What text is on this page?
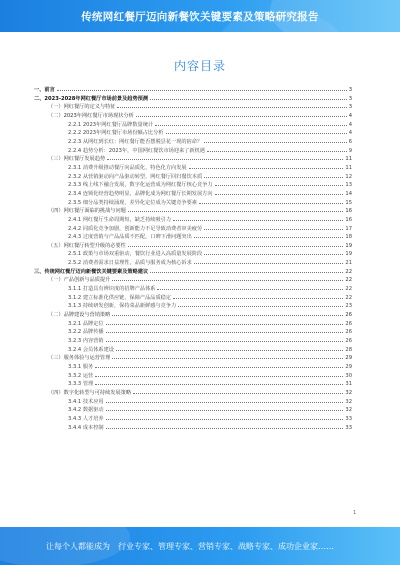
传统网红餐厅迈向新餐饮关键要素及策略研究报告
内容目录
一、前言	3
二、2023-2028年网红餐厅市场前景及趋势预测	3
（一）网红餐厅的定义与特征	3
（二）2023年网红餐厅市场现状分析	4
2.2.1 2023年网红餐厅品牌数量统计	4
2.2.2 2023年网红餐厅市场份额占比分析	4
2.2.3 从网红到长红：网红餐厅能否摆脱昙花一现的宿命？	6
2.2.4 趋势分析：2023年，中国网红餐饮市场迎来了新机遇	9
（三）网红餐厅发展趋势	11
2.3.1 消费升级推动餐厅向品质化、特色化方向发展	11
2.3.2 从营销驱动向产品驱动转型，网红餐厅回归餐饮本质	12
2.3.3 线上线下融合发展，数字化运营成为网红餐厅核心竞争力	13
2.3.4 连锁化经营趋势明显，品牌化成为网红餐厅长期发展方向	14
2.3.5 细分品类持续涌现，差异化定位成为关键竞争要素	15
（四）网红餐厅面临的挑战与问题	16
2.4.1 网红餐厅生命周期短，缺乏持续吸引力	16
2.4.2 同质化竞争加剧，创新能力不足导致消费者审美疲劳	17
2.4.3 过度营销与产品品质不匹配，口碑下滑问题突出	18
（五）网红餐厅转型升级的必要性	19
2.5.1 政策与市场双重驱动，餐饮行业进入高质量发展阶段	19
2.5.2 消费者需求日益理性，品质与服务成为核心诉求	21
三、传统网红餐厅迈向新餐饮关键要素及策略建议	22
（一）产品创新与品质提升	22
3.1.1 打造具有辨识度的招牌产品体系	22
3.1.2 建立标准化供应链，保障产品品质稳定	22
3.1.3 持续研发创新，保持菜品新鲜感与竞争力	23
（二）品牌建设与营销策略	26
3.2.1 品牌定位	26
3.2.2 品牌传播	26
3.2.3 内容营销	26
3.2.4 会员体系建设	28
（三）服务体验与运营管理	29
3.3.1 服务	29
3.3.2 运营	30
3.3.3 管理	31
（四）数字化转型与可持续发展策略	32
3.4.1 技术应用	32
3.4.2 数据驱动	32
3.4.3 人才培养	33
3.4.4 成本控制	33
1
让每个人都能成为 行业专家、管理专家、营销专家、战略专家、成功企业家……
